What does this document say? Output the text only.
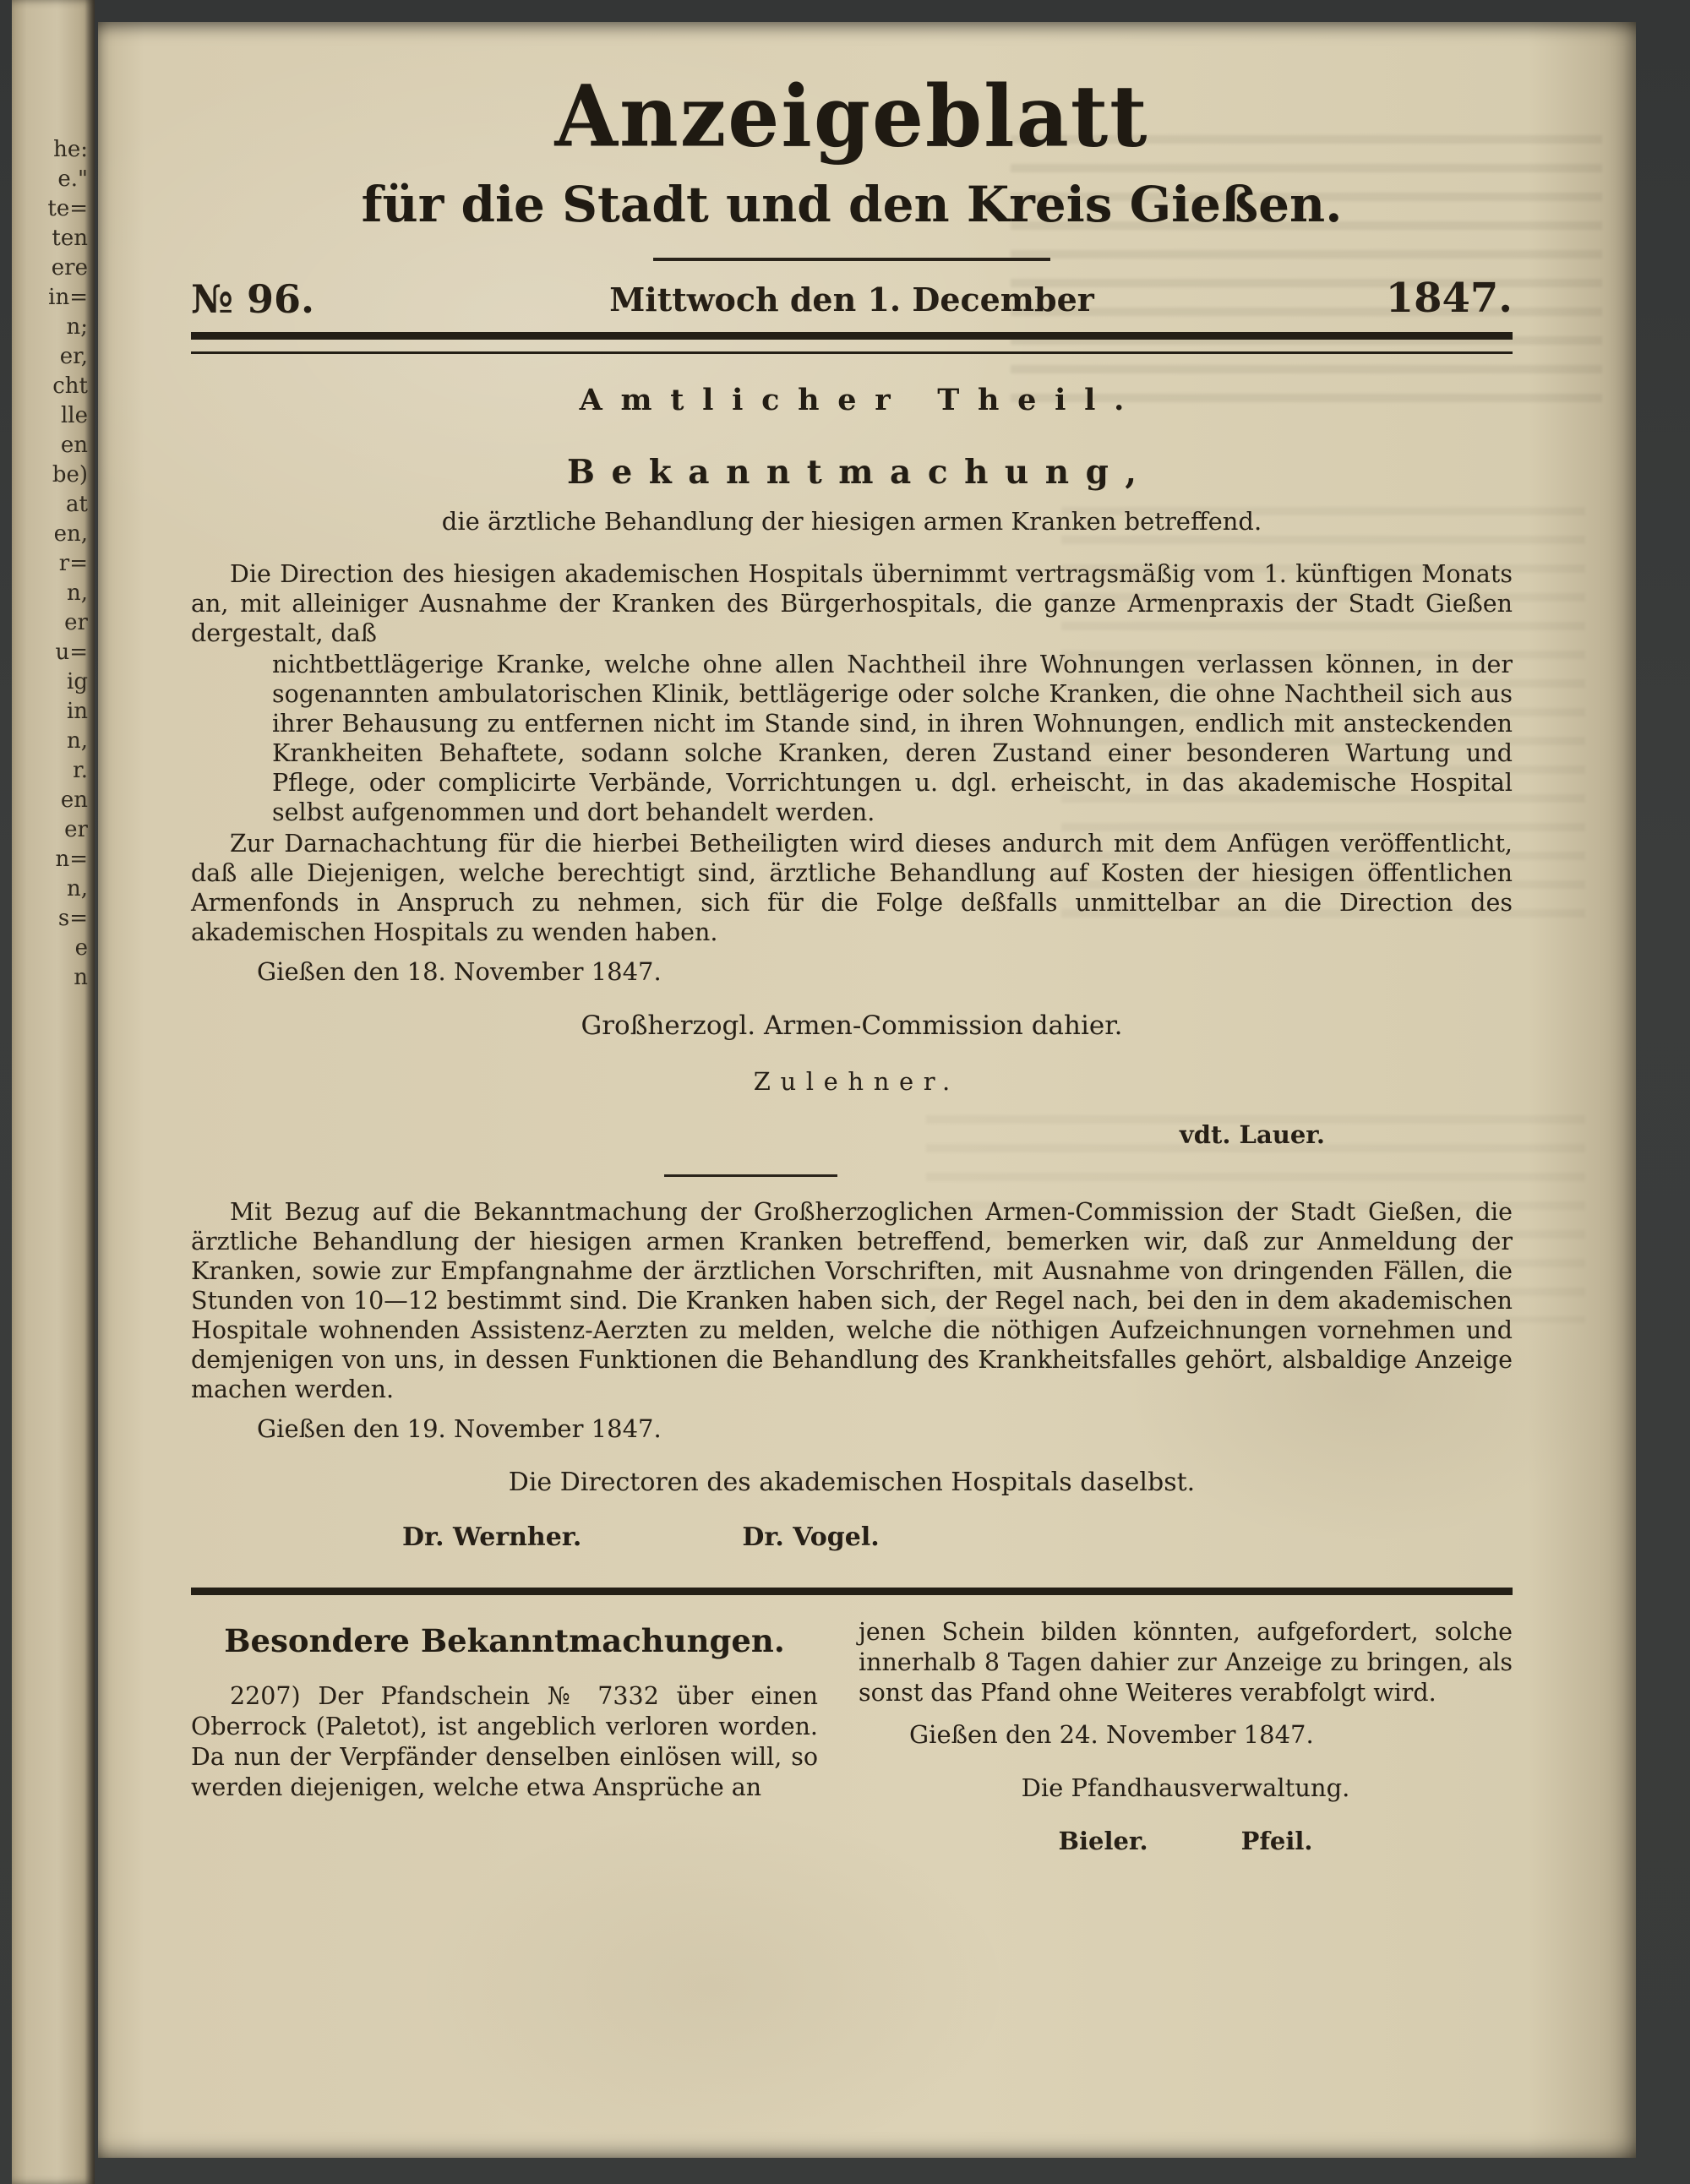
he:
e."
te=
ten
ere
in=
n;
er,
cht
lle
en
be)
at
en,
r=
n,
er
u=
ig
in
n,
r.
en
er
n=
n,
s=
e
n
Anzeigeblatt
für die Stadt und den Kreis Gießen.
№ 96.	Mittwoch den 1. December	1847.
Amtlicher Theil.
Bekanntmachung,

die ärztliche Behandlung der hiesigen armen Kranken betreffend.

Die Direction des hiesigen akademischen Hospitals übernimmt vertragsmäßig vom 1. künftigen Monats an, mit alleiniger Ausnahme der Kranken des Bürgerhospitals, die ganze Armenpraxis der Stadt Gießen dergestalt, daß

nichtbettlägerige Kranke, welche ohne allen Nachtheil ihre Wohnungen verlassen können, in der sogenannten ambulatorischen Klinik, bettlägerige oder solche Kranken, die ohne Nachtheil sich aus ihrer Behausung zu entfernen nicht im Stande sind, in ihren Wohnungen, endlich mit ansteckenden Krankheiten Behaftete, sodann solche Kranken, deren Zustand einer besonderen Wartung und Pflege, oder complicirte Verbände, Vorrichtungen u. dgl. erheischt, in das akademische Hospital selbst aufgenommen und dort behandelt werden.

Zur Darnachachtung für die hierbei Betheiligten wird dieses andurch mit dem Anfügen veröffentlicht, daß alle Diejenigen, welche berechtigt sind, ärztliche Behandlung auf Kosten der hiesigen öffentlichen Armenfonds in Anspruch zu nehmen, sich für die Folge deßfalls unmittelbar an die Direction des akademischen Hospitals zu wenden haben.

Gießen den 18. November 1847.

Großherzogl. Armen-Commission dahier.

Zulehner.

vdt. Lauer.

Mit Bezug auf die Bekanntmachung der Großherzoglichen Armen-Commission der Stadt Gießen, die ärztliche Behandlung der hiesigen armen Kranken betreffend, bemerken wir, daß zur Anmeldung der Kranken, sowie zur Empfangnahme der ärztlichen Vorschriften, mit Ausnahme von dringenden Fällen, die Stunden von 10—12 bestimmt sind. Die Kranken haben sich, der Regel nach, bei den in dem akademischen Hospitale wohnenden Assistenz-Aerzten zu melden, welche die nöthigen Aufzeichnungen vornehmen und demjenigen von uns, in dessen Funktionen die Behandlung des Krankheitsfalles gehört, alsbaldige Anzeige machen werden.

Gießen den 19. November 1847.

Die Directoren des akademischen Hospitals daselbst.

Dr. Wernher.	Dr. Vogel.
Besondere Bekanntmachungen.

2207) Der Pfandschein № 7332 über einen Oberrock (Paletot), ist angeblich verloren worden. Da nun der Verpfänder denselben einlösen will, so werden diejenigen, welche etwa Ansprüche an

jenen Schein bilden könnten, aufgefordert, solche innerhalb 8 Tagen dahier zur Anzeige zu bringen, als sonst das Pfand ohne Weiteres verabfolgt wird.

Gießen den 24. November 1847.

Die Pfandhausverwaltung.

Bieler.	Pfeil.
